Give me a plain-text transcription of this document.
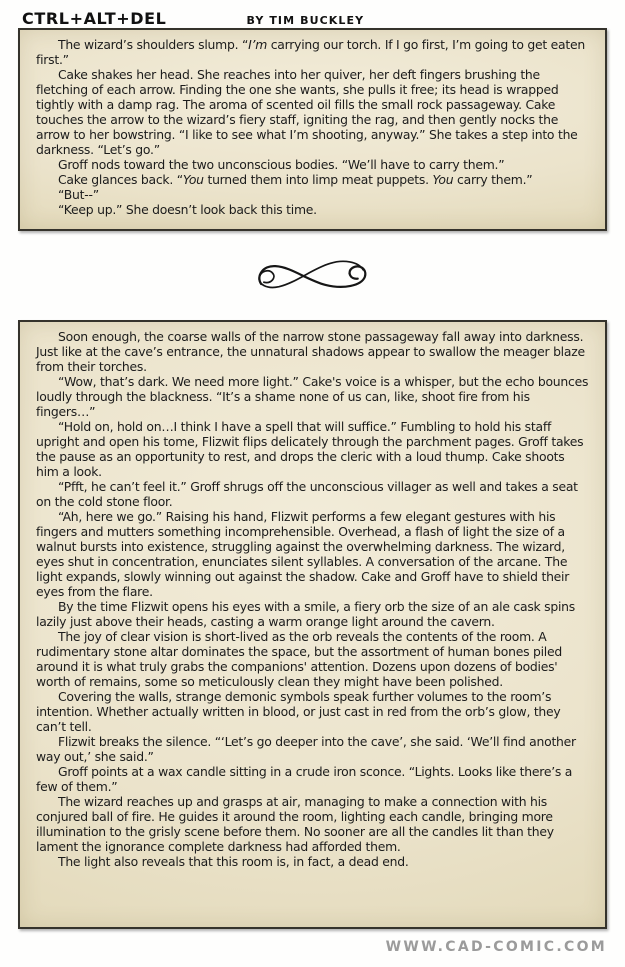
CTRL+ALT+DEL	BY TIM BUCKLEY

The wizard’s shoulders slump. “I’m carrying our torch. If I go first, I’m going to get eaten first.”

Cake shakes her head. She reaches into her quiver, her deft fingers brushing the fletching of each arrow. Finding the one she wants, she pulls it free; its head is wrapped tightly with a damp rag. The aroma of scented oil fills the small rock passageway. Cake touches the arrow to the wizard’s fiery staff, igniting the rag, and then gently nocks the arrow to her bowstring. “I like to see what I’m shooting, anyway.” She takes a step into the darkness. “Let’s go.”

Groff nods toward the two unconscious bodies. “We’ll have to carry them.”

Cake glances back. “You turned them into limp meat puppets. You carry them.”

“But--”

“Keep up.” She doesn’t look back this time.

Soon enough, the coarse walls of the narrow stone passageway fall away into darkness. Just like at the cave’s entrance, the unnatural shadows appear to swallow the meager blaze from their torches.

“Wow, that’s dark. We need more light.” Cake's voice is a whisper, but the echo bounces loudly through the blackness. “It’s a shame none of us can, like, shoot fire from his fingers…”

“Hold on, hold on…I think I have a spell that will suffice.” Fumbling to hold his staff upright and open his tome, Flizwit flips delicately through the parchment pages. Groff takes the pause as an opportunity to rest, and drops the cleric with a loud thump. Cake shoots him a look.

“Pfft, he can’t feel it.” Groff shrugs off the unconscious villager as well and takes a seat on the cold stone floor.

“Ah, here we go.” Raising his hand, Flizwit performs a few elegant gestures with his fingers and mutters something incomprehensible. Overhead, a flash of light the size of a walnut bursts into existence, struggling against the overwhelming darkness. The wizard, eyes shut in concentration, enunciates silent syllables. A conversation of the arcane. The light expands, slowly winning out against the shadow. Cake and Groff have to shield their eyes from the flare.

By the time Flizwit opens his eyes with a smile, a fiery orb the size of an ale cask spins lazily just above their heads, casting a warm orange light around the cavern.

The joy of clear vision is short-lived as the orb reveals the contents of the room. A rudimentary stone altar dominates the space, but the assortment of human bones piled around it is what truly grabs the companions' attention. Dozens upon dozens of bodies' worth of remains, some so meticulously clean they might have been polished.

Covering the walls, strange demonic symbols speak further volumes to the room’s intention. Whether actually written in blood, or just cast in red from the orb’s glow, they can’t tell.

Flizwit breaks the silence. “‘Let’s go deeper into the cave’, she said. ‘We’ll find another way out,’ she said.”

Groff points at a wax candle sitting in a crude iron sconce. “Lights. Looks like there’s a few of them.”

The wizard reaches up and grasps at air, managing to make a connection with his conjured ball of fire. He guides it around the room, lighting each candle, bringing more illumination to the grisly scene before them. No sooner are all the candles lit than they lament the ignorance complete darkness had afforded them.

The light also reveals that this room is, in fact, a dead end.

WWW.CAD-COMIC.COM
